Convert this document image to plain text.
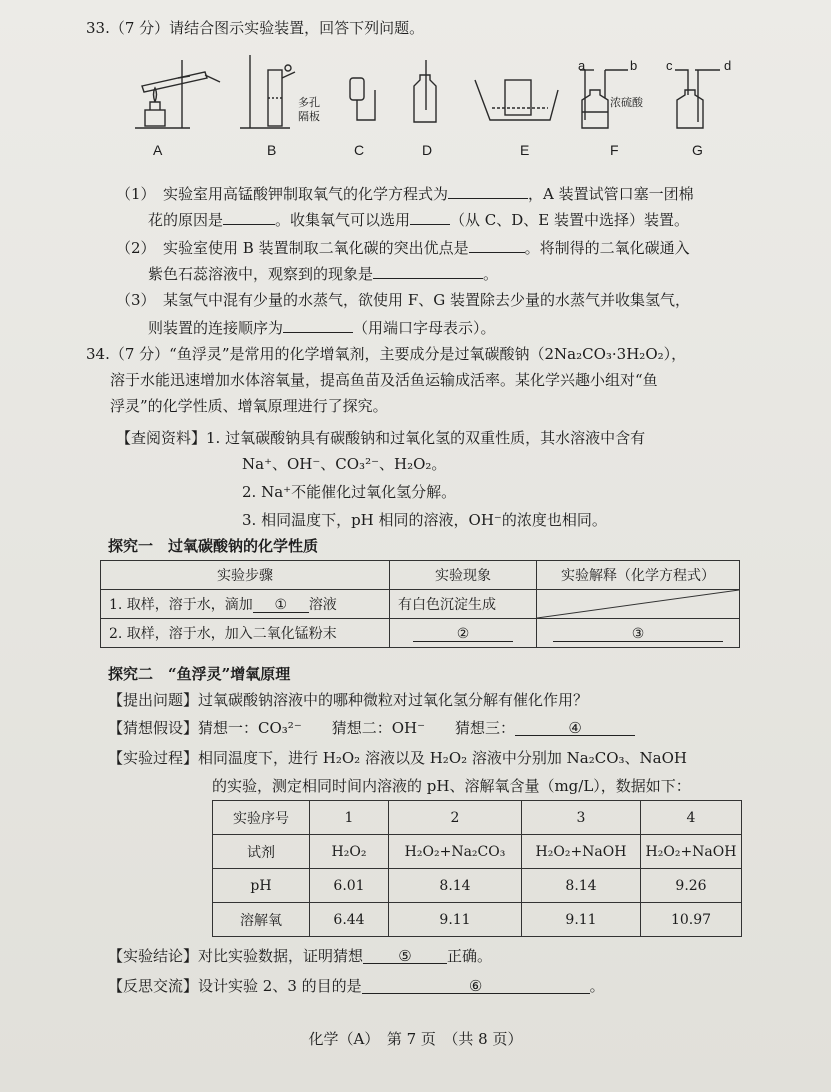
33.（7 分）请结合图示实验装置，回答下列问题。
A	B	C	D	E	F	G
多孔
隔板
a	b c	d
浓硫酸
（1）　实验室用高锰酸钾制取氧气的化学方程式为	，A 装置试管口塞一团棉
花的原因是	。收集氧气可以选用	（从 C、D、E 装置中选择）装置。
（2）　实验室使用 B 装置制取二氧化碳的突出优点是	。将制得的二氧化碳通入
紫色石蕊溶液中，观察到的现象是	。
（3）　某氢气中混有少量的水蒸气，欲使用 F、G 装置除去少量的水蒸气并收集氢气，
则装置的连接顺序为	（用端口字母表示）。
34.（7 分）“鱼浮灵”是常用的化学增氧剂，主要成分是过氧碳酸钠（2Na₂CO₃·3H₂O₂），
溶于水能迅速增加水体溶氧量，提高鱼苗及活鱼运输成活率。某化学兴趣小组对“鱼
浮灵”的化学性质、增氧原理进行了探究。
【查阅资料】1. 过氧碳酸钠具有碳酸钠和过氧化氢的双重性质，其水溶液中含有
Na⁺、OH⁻、CO₃²⁻、H₂O₂。
2. Na⁺不能催化过氧化氢分解。
3. 相同温度下，pH 相同的溶液，OH⁻的浓度也相同。
探究一　过氧碳酸钠的化学性质
实验步骤	实验现象	实验解释（化学方程式）
1. 取样，溶于水，滴加 ① 溶液	有白色沉淀生成	

2. 取样，溶于水，加入二氧化锰粉末	②	③
探究二　“鱼浮灵”增氧原理
【提出问题】过氧碳酸钠溶液中的哪种微粒对过氧化氢分解有催化作用？
【猜想假设】猜想一：CO₃²⁻　　猜想二：OH⁻　　猜想三：	④
【实验过程】相同温度下，进行 H₂O₂ 溶液以及 H₂O₂ 溶液中分别加 Na₂CO₃、NaOH
的实验，测定相同时间内溶液的 pH、溶解氧含量（mg/L），数据如下：
实验序号	1	2	3	4
试剂	H₂O₂	H₂O₂+Na₂CO₃	H₂O₂+NaOH	H₂O₂+NaOH
pH	6.01	8.14	8.14	9.26
溶解氧	6.44	9.11	9.11	10.97
【实验结论】对比实验数据，证明猜想 ⑤ 正确。
【反思交流】设计实验 2、3 的目的是	⑥	。
化学（A）　第 7 页　（共 8 页）
